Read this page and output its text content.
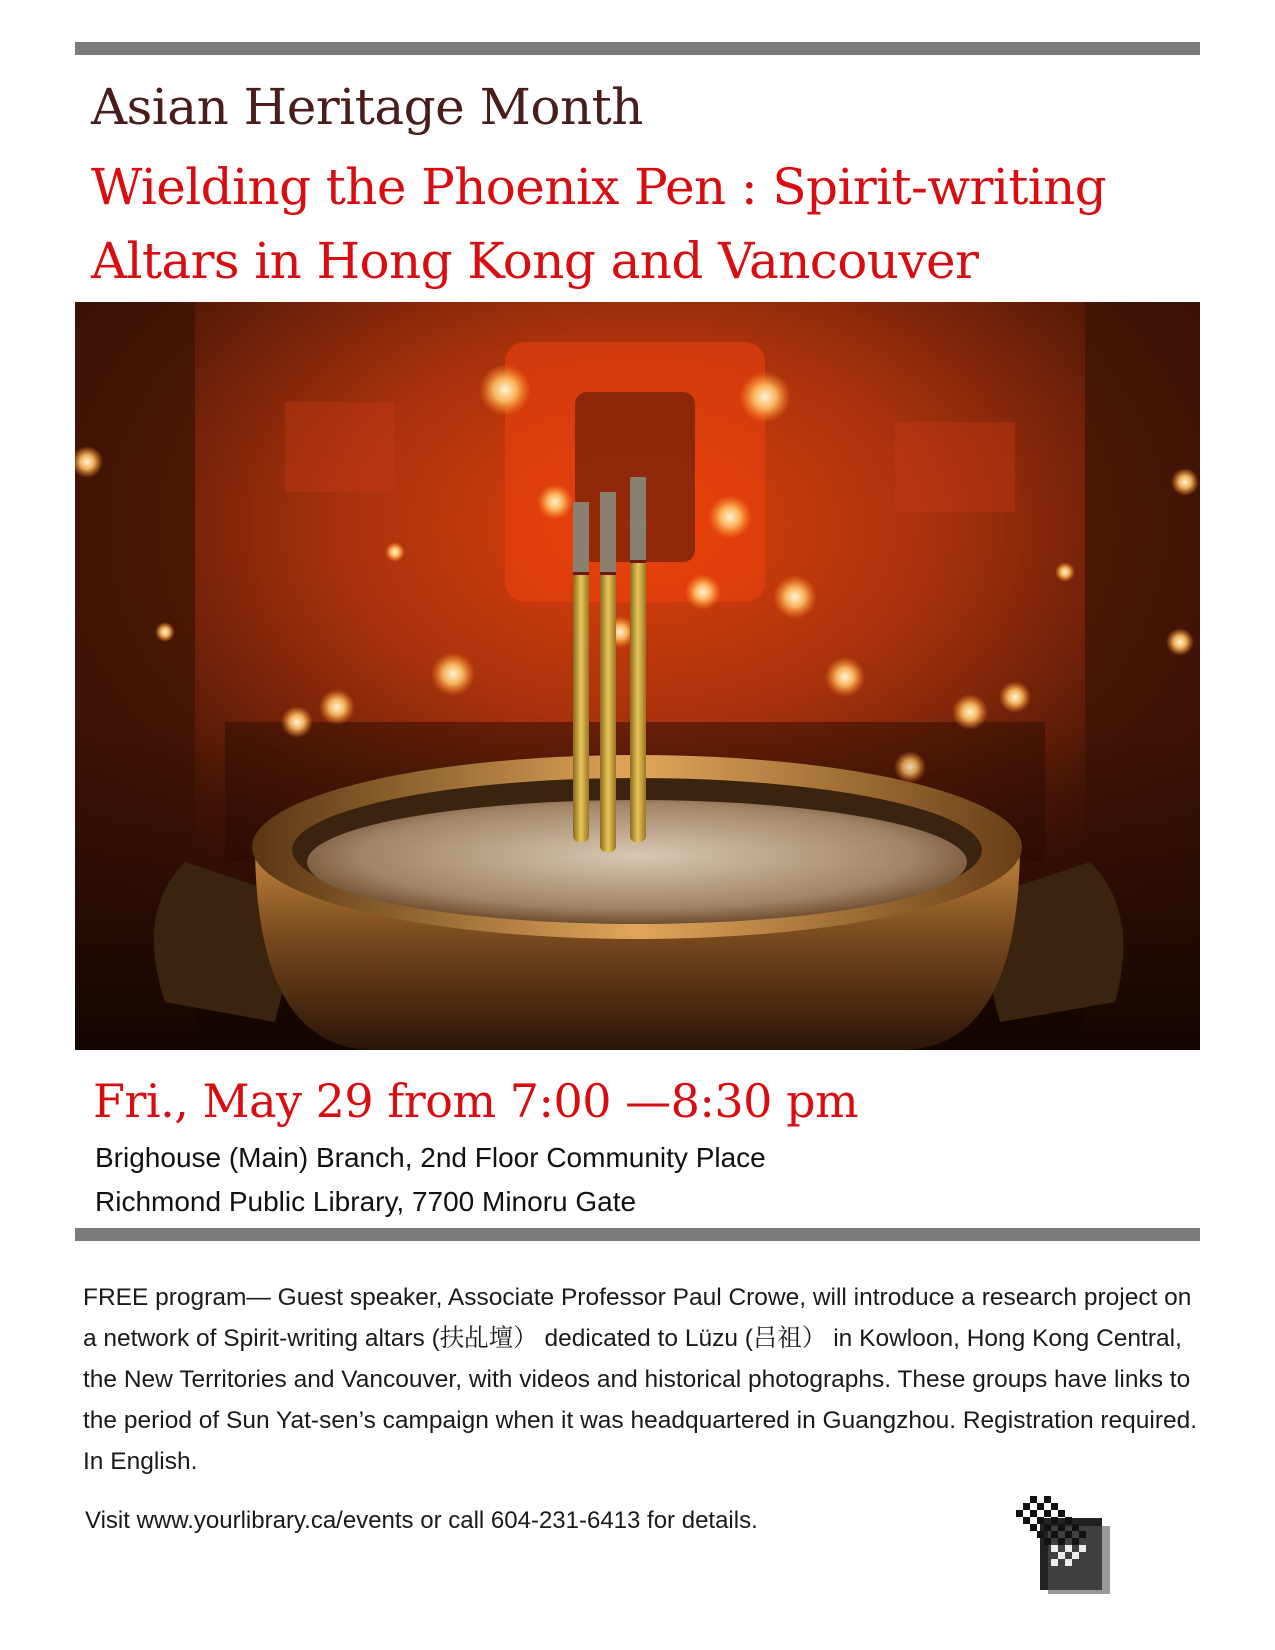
Asian Heritage Month
Wielding the Phoenix Pen : Spirit-writing
Altars in Hong Kong and Vancouver

Fri., May 29 from 7:00 —8:30 pm

Brighouse (Main) Branch, 2nd Floor Community Place
Richmond Public Library, 7700 Minoru Gate

FREE program— Guest speaker, Associate Professor Paul Crowe, will introduce a research project on a network of Spirit-writing altars (扶乩壇） dedicated to Lüzu (吕祖） in Kowloon, Hong Kong Central, the New Territories and Vancouver, with videos and historical photographs. These groups have links to the period of Sun Yat-sen’s campaign when it was headquartered in Guangzhou. Registration required. In English.

Visit www.yourlibrary.ca/events or call 604-231-6413 for details.
